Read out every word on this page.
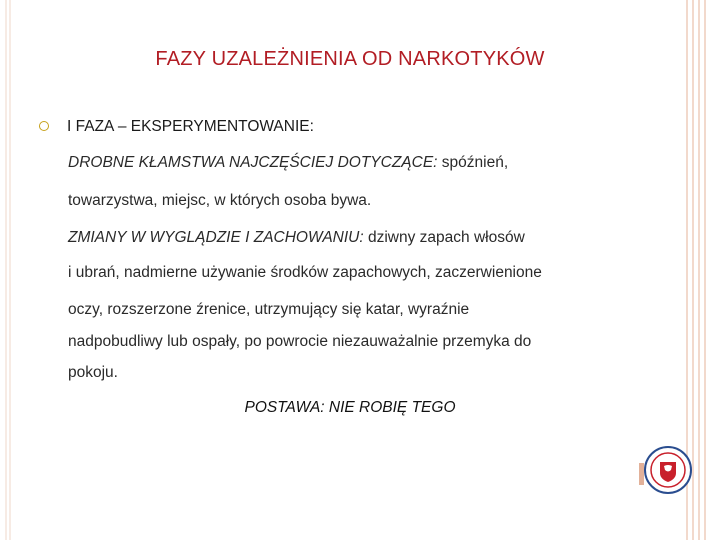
FAZY UZALEŻNIENIA OD NARKOTYKÓW
I FAZA – EKSPERYMENTOWANIE:
DROBNE KŁAMSTWA NAJCZĘŚCIEJ DOTYCZĄCE: spóźnień,
towarzystwa, miejsc, w których osoba bywa.
ZMIANY W WYGLĄDZIE I ZACHOWANIU: dziwny zapach włosów
i ubrań, nadmierne używanie środków zapachowych, zaczerwienione
oczy, rozszerzone źrenice, utrzymujący się katar, wyraźnie
nadpobudliwy lub ospały, po powrocie niezauważalnie przemyka do
pokoju.
POSTAWA: NIE ROBIĘ TEGO
